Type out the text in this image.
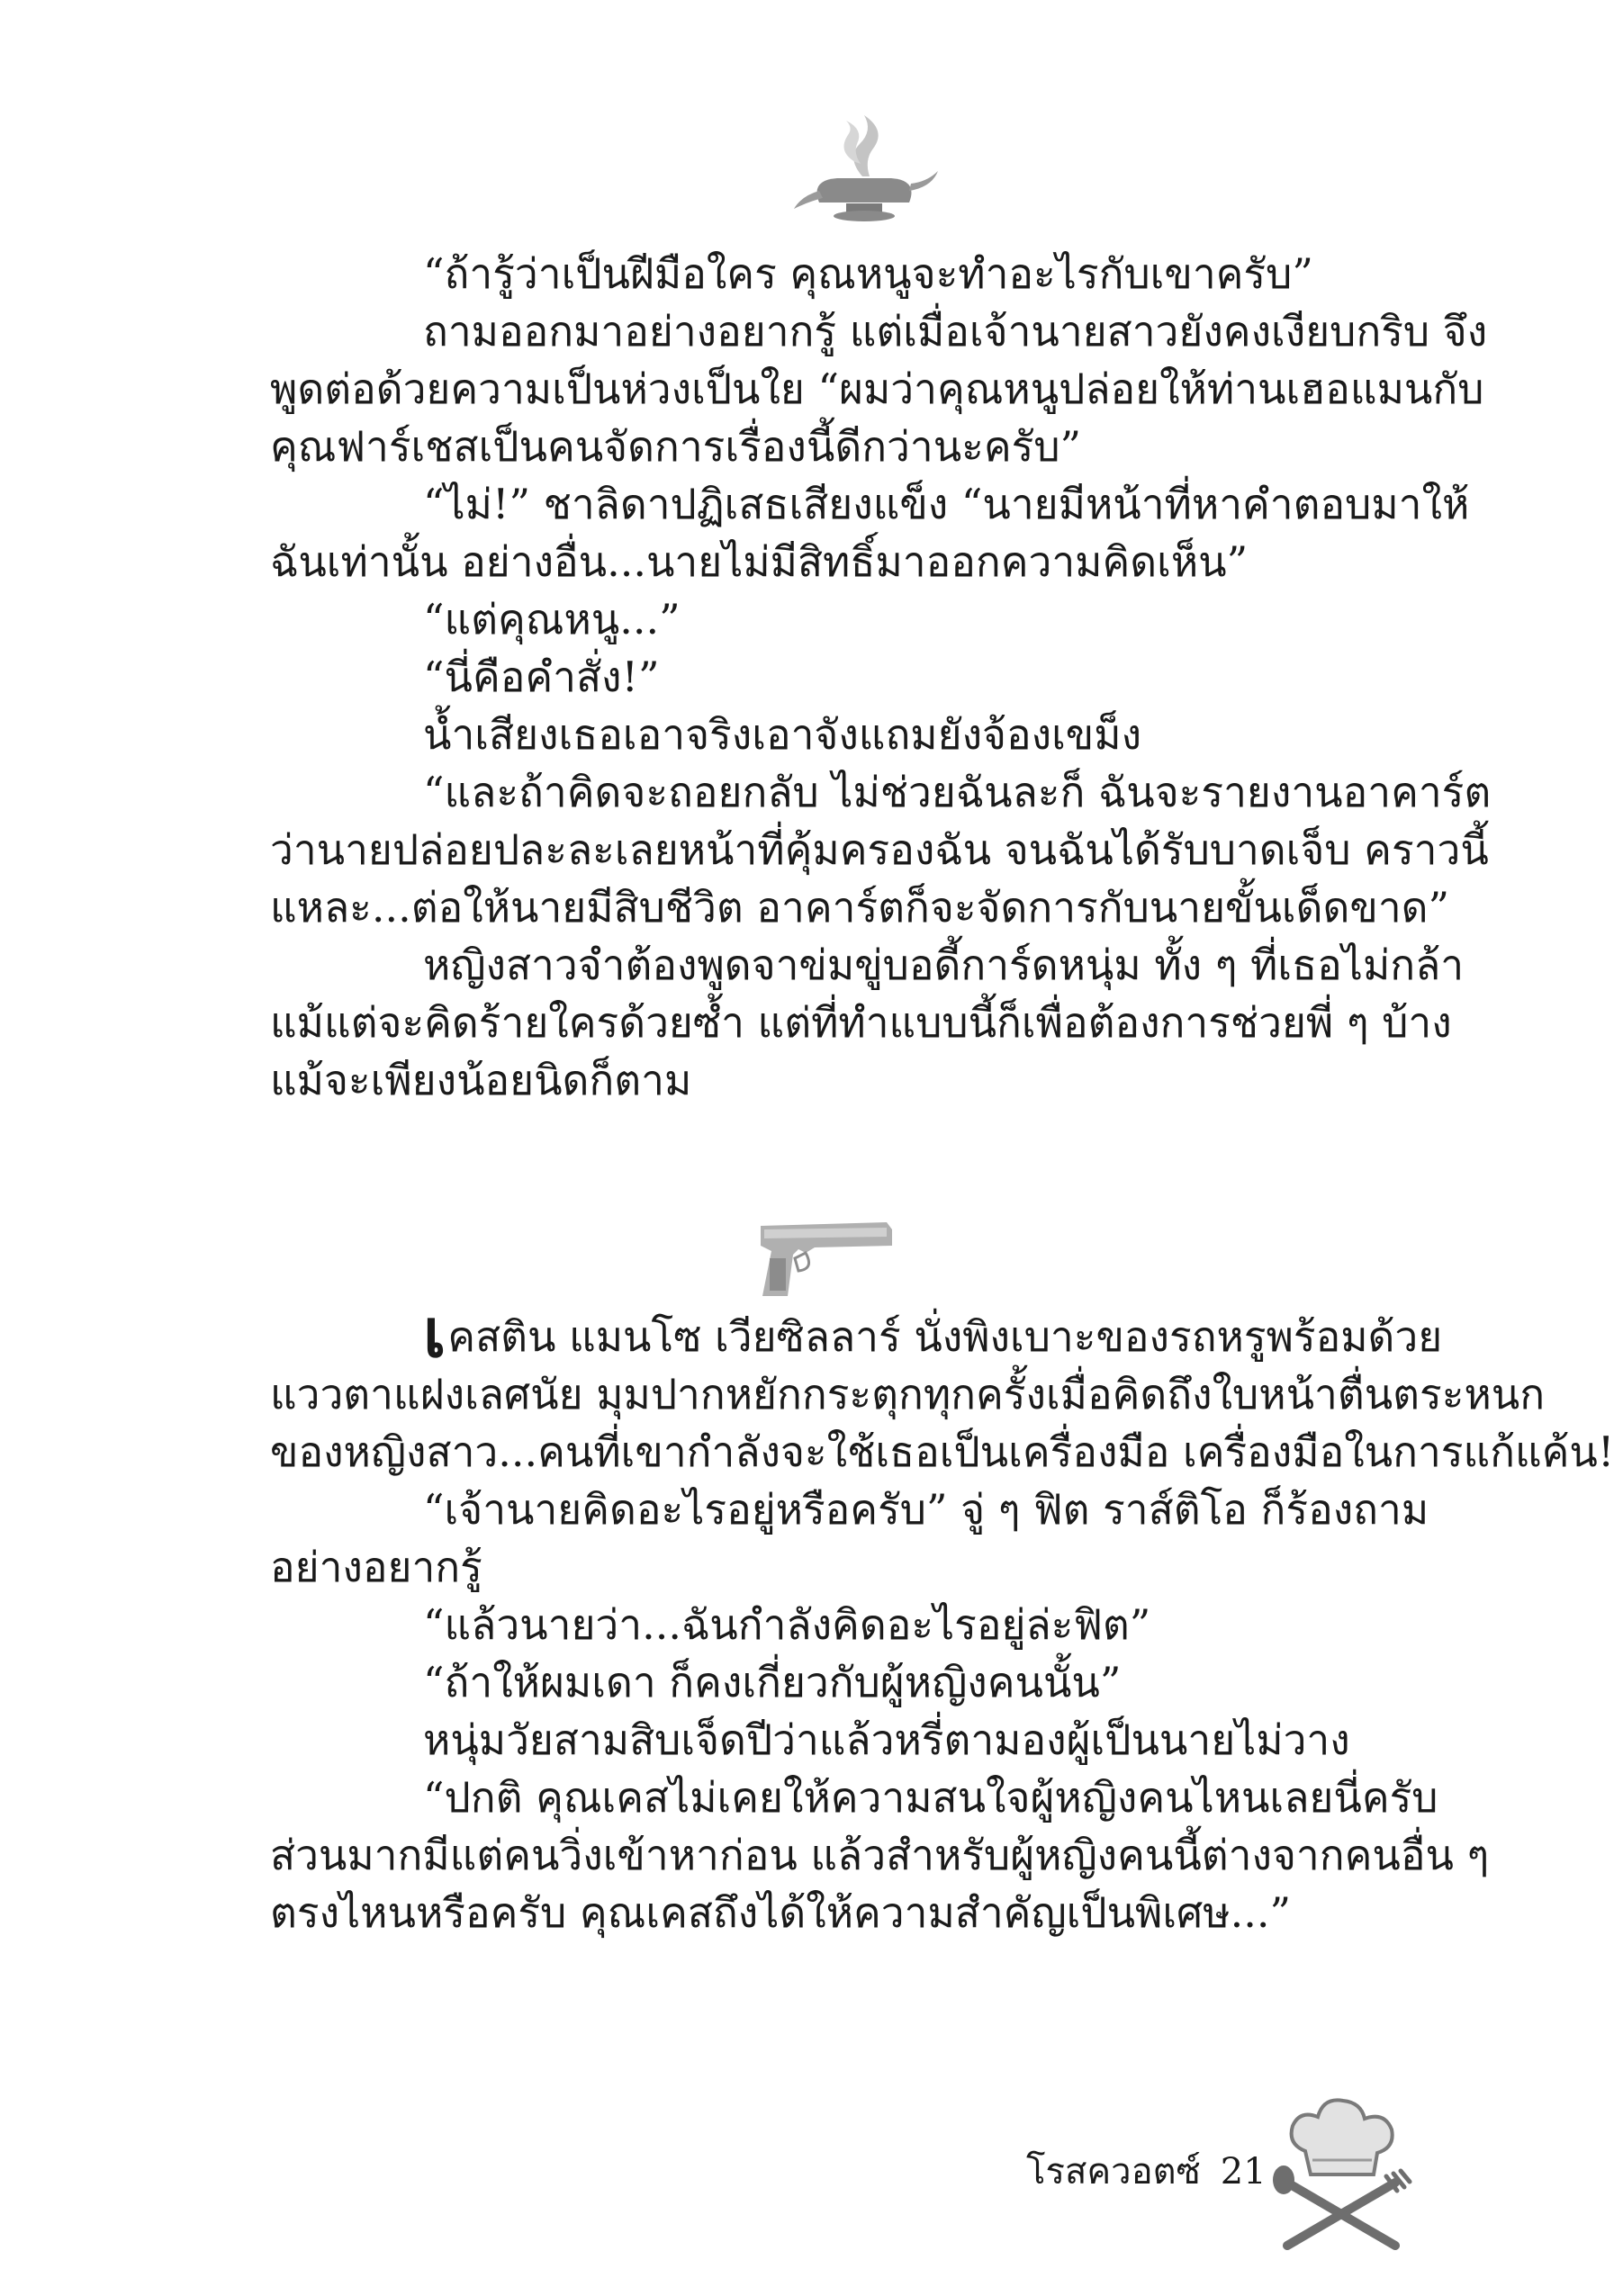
“ถ้ารู้ว่าเป็นฝีมือใคร คุณหนูจะทำอะไรกับเขาครับ”
ถามออกมาอย่างอยากรู้ แต่เมื่อเจ้านายสาวยังคงเงียบกริบ จึง
พูดต่อด้วยความเป็นห่วงเป็นใย “ผมว่าคุณหนูปล่อยให้ท่านเฮอแมนกับ
คุณฟาร์เชสเป็นคนจัดการเรื่องนี้ดีกว่านะครับ”
“ไม่!” ชาลิดาปฏิเสธเสียงแข็ง “นายมีหน้าที่หาคำตอบมาให้
ฉันเท่านั้น อย่างอื่น...นายไม่มีสิทธิ์มาออกความคิดเห็น”
“แต่คุณหนู...”
“นี่คือคำสั่ง!”
น้ำเสียงเธอเอาจริงเอาจังแถมยังจ้องเขม็ง
“และถ้าคิดจะถอยกลับ ไม่ช่วยฉันละก็ ฉันจะรายงานอาคาร์ต
ว่านายปล่อยปละละเลยหน้าที่คุ้มครองฉัน จนฉันได้รับบาดเจ็บ คราวนี้
แหละ...ต่อให้นายมีสิบชีวิต อาคาร์ตก็จะจัดการกับนายขั้นเด็ดขาด”
หญิงสาวจำต้องพูดจาข่มขู่บอดี้การ์ดหนุ่ม ทั้ง ๆ ที่เธอไม่กล้า
แม้แต่จะคิดร้ายใครด้วยซ้ำ แต่ที่ทำแบบนี้ก็เพื่อต้องการช่วยพี่ ๆ บ้าง
แม้จะเพียงน้อยนิดก็ตาม
เคสติน แมนโซ เวียซิลลาร์ นั่งพิงเบาะของรถหรูพร้อมด้วย
แววตาแฝงเลศนัย มุมปากหยักกระตุกทุกครั้งเมื่อคิดถึงใบหน้าตื่นตระหนก
ของหญิงสาว...คนที่เขากำลังจะใช้เธอเป็นเครื่องมือ เครื่องมือในการแก้แค้น!
“เจ้านายคิดอะไรอยู่หรือครับ” จู่ ๆ ฟิต ราส์ติโอ ก็ร้องถาม
อย่างอยากรู้
“แล้วนายว่า...ฉันกำลังคิดอะไรอยู่ล่ะฟิต”
“ถ้าให้ผมเดา ก็คงเกี่ยวกับผู้หญิงคนนั้น”
หนุ่มวัยสามสิบเจ็ดปีว่าแล้วหรี่ตามองผู้เป็นนายไม่วาง
“ปกติ คุณเคสไม่เคยให้ความสนใจผู้หญิงคนไหนเลยนี่ครับ
ส่วนมากมีแต่คนวิ่งเข้าหาก่อน แล้วสำหรับผู้หญิงคนนี้ต่างจากคนอื่น ๆ
ตรงไหนหรือครับ คุณเคสถึงได้ให้ความสำคัญเป็นพิเศษ...”
โรสควอตซ์ 21
